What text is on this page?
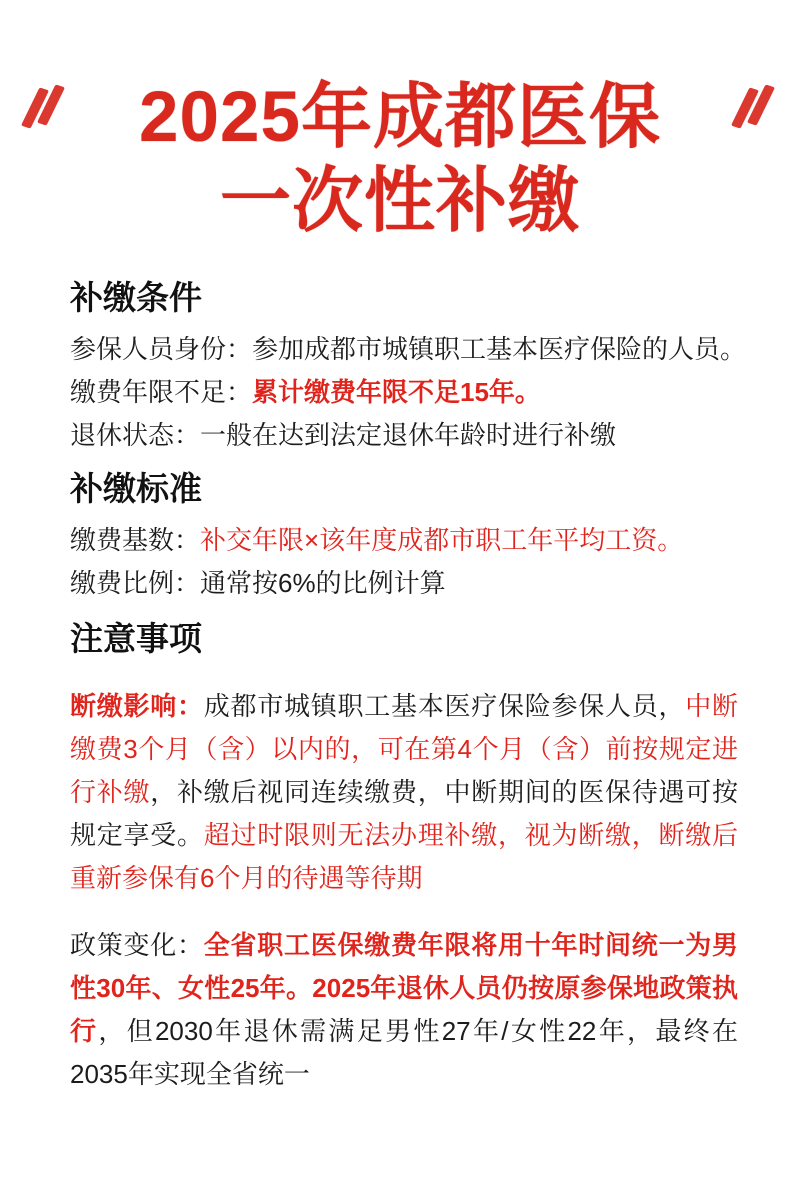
2025年成都医保
一次性补缴
补缴条件
参保人员身份：参加成都市城镇职工基本医疗保险的人员。
缴费年限不足：累计缴费年限不足15年。
退休状态：一般在达到法定退休年龄时进行补缴
补缴标准
缴费基数：补交年限×该年度成都市职工年平均工资。
缴费比例：通常按6%的比例计算
注意事项
断缴影响：成都市城镇职工基本医疗保险参保人员，中断缴费3个月（含）以内的，可在第4个月（含）前按规定进行补缴，补缴后视同连续缴费，中断期间的医保待遇可按规定享受。超过时限则无法办理补缴，视为断缴，断缴后重新参保有6个月的待遇等待期
政策变化：全省职工医保缴费年限将用十年时间统一为男性30年、女性25年。2025年退休人员仍按原参保地政策执行，但2030年退休需满足男性27年/女性22年，最终在2035年实现全省统一
